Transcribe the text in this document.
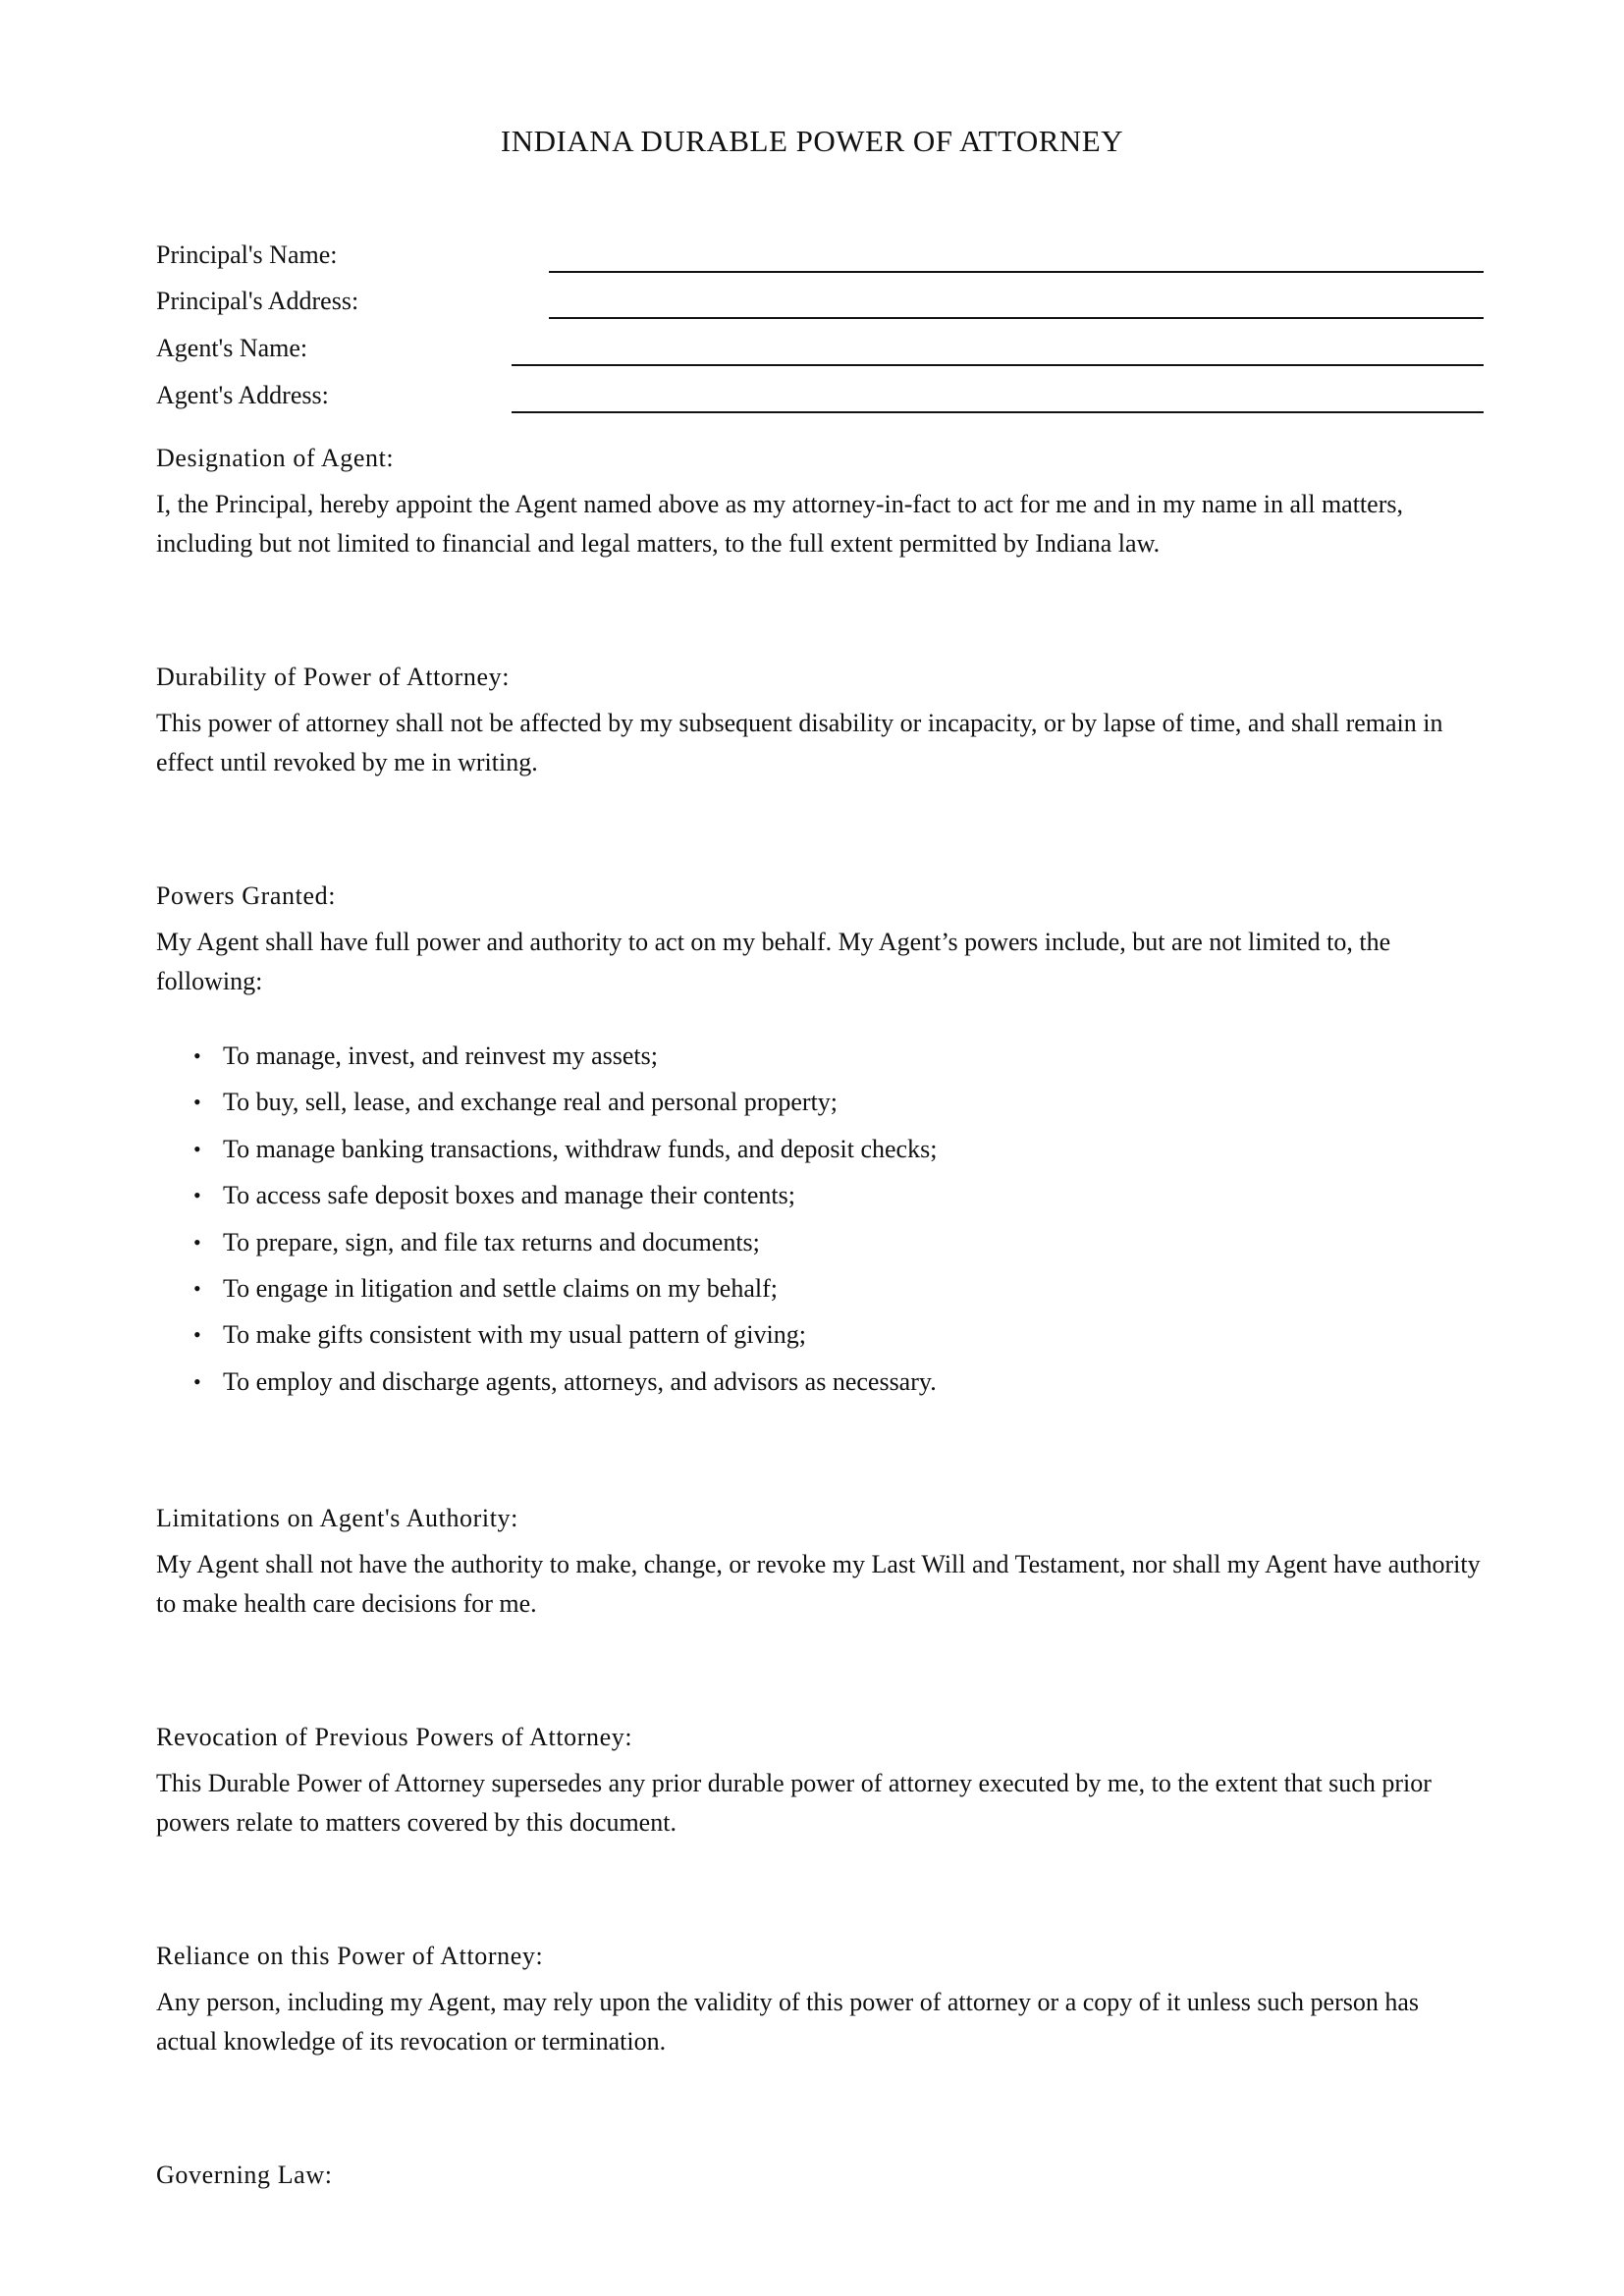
INDIANA DURABLE POWER OF ATTORNEY
Principal's Name:
Principal's Address:
Agent's Name:
Agent's Address:
Designation of Agent:

I, the Principal, hereby appoint the Agent named above as my attorney-in-fact to act for me and in my name in all matters, including but not limited to financial and legal matters, to the full extent permitted by Indiana law.

Durability of Power of Attorney:

This power of attorney shall not be affected by my subsequent disability or incapacity, or by lapse of time, and shall remain in effect until revoked by me in writing.

Powers Granted:

My Agent shall have full power and authority to act on my behalf. My Agent’s powers include, but are not limited to, the following:

• To manage, invest, and reinvest my assets;
• To buy, sell, lease, and exchange real and personal property;
• To manage banking transactions, withdraw funds, and deposit checks;
• To access safe deposit boxes and manage their contents;
• To prepare, sign, and file tax returns and documents;
• To engage in litigation and settle claims on my behalf;
• To make gifts consistent with my usual pattern of giving;
• To employ and discharge agents, attorneys, and advisors as necessary.
Limitations on Agent's Authority:

My Agent shall not have the authority to make, change, or revoke my Last Will and Testament, nor shall my Agent have authority to make health care decisions for me.

Revocation of Previous Powers of Attorney:

This Durable Power of Attorney supersedes any prior durable power of attorney executed by me, to the extent that such prior powers relate to matters covered by this document.

Reliance on this Power of Attorney:

Any person, including my Agent, may rely upon the validity of this power of attorney or a copy of it unless such person has actual knowledge of its revocation or termination.

Governing Law:
